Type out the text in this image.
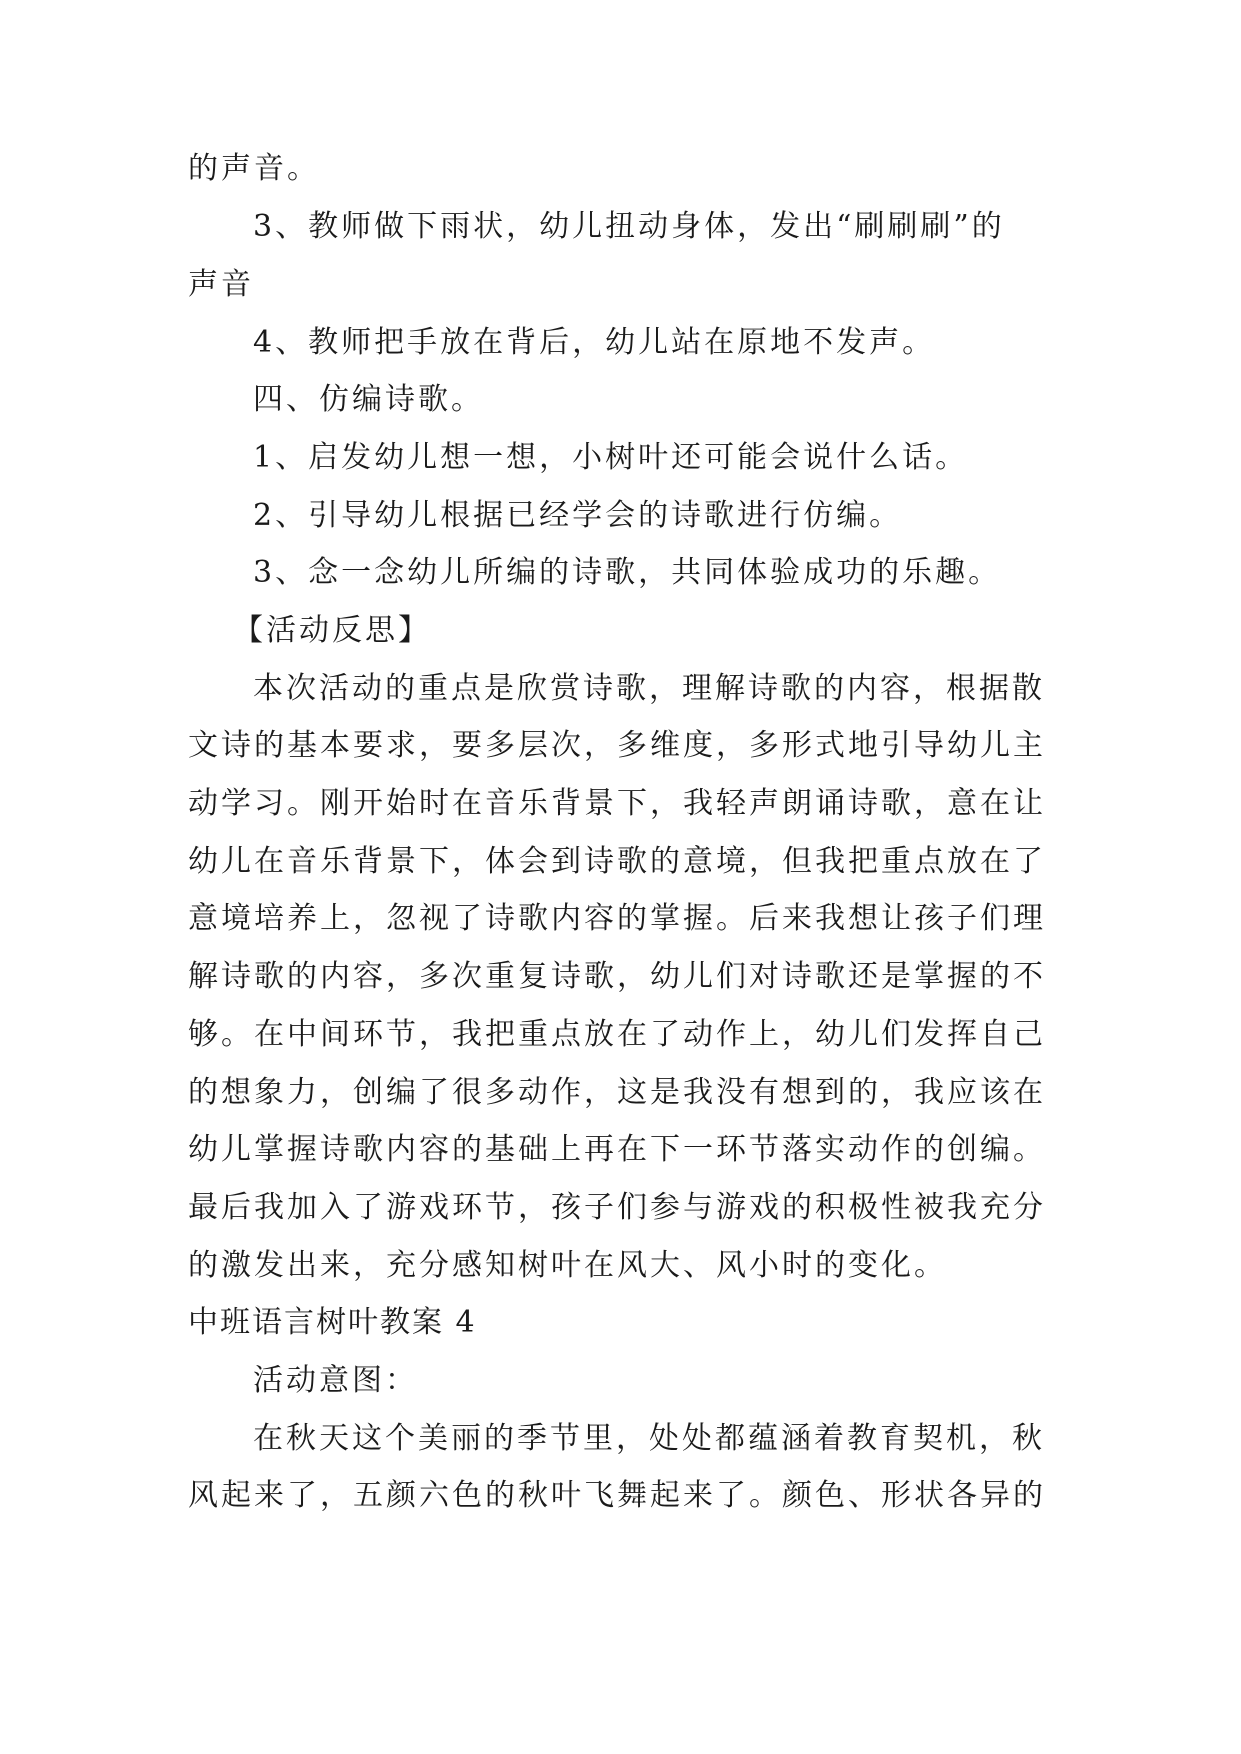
的声音。
3、教师做下雨状，幼儿扭动身体，发出“刷刷刷”的
声音
4、教师把手放在背后，幼儿站在原地不发声。
四、仿编诗歌。
1、启发幼儿想一想，小树叶还可能会说什么话。
2、引导幼儿根据已经学会的诗歌进行仿编。
3、念一念幼儿所编的诗歌，共同体验成功的乐趣。
【活动反思】
本次活动的重点是欣赏诗歌，理解诗歌的内容，根据散
文诗的基本要求，要多层次，多维度，多形式地引导幼儿主
动学习。刚开始时在音乐背景下，我轻声朗诵诗歌，意在让
幼儿在音乐背景下，体会到诗歌的意境，但我把重点放在了
意境培养上，忽视了诗歌内容的掌握。后来我想让孩子们理
解诗歌的内容，多次重复诗歌，幼儿们对诗歌还是掌握的不
够。在中间环节，我把重点放在了动作上，幼儿们发挥自己
的想象力，创编了很多动作，这是我没有想到的，我应该在
幼儿掌握诗歌内容的基础上再在下一环节落实动作的创编。
最后我加入了游戏环节，孩子们参与游戏的积极性被我充分
的激发出来，充分感知树叶在风大、风小时的变化。
中班语言树叶教案 4
活动意图：
在秋天这个美丽的季节里，处处都蕴涵着教育契机，秋
风起来了，五颜六色的秋叶飞舞起来了。颜色、形状各异的
